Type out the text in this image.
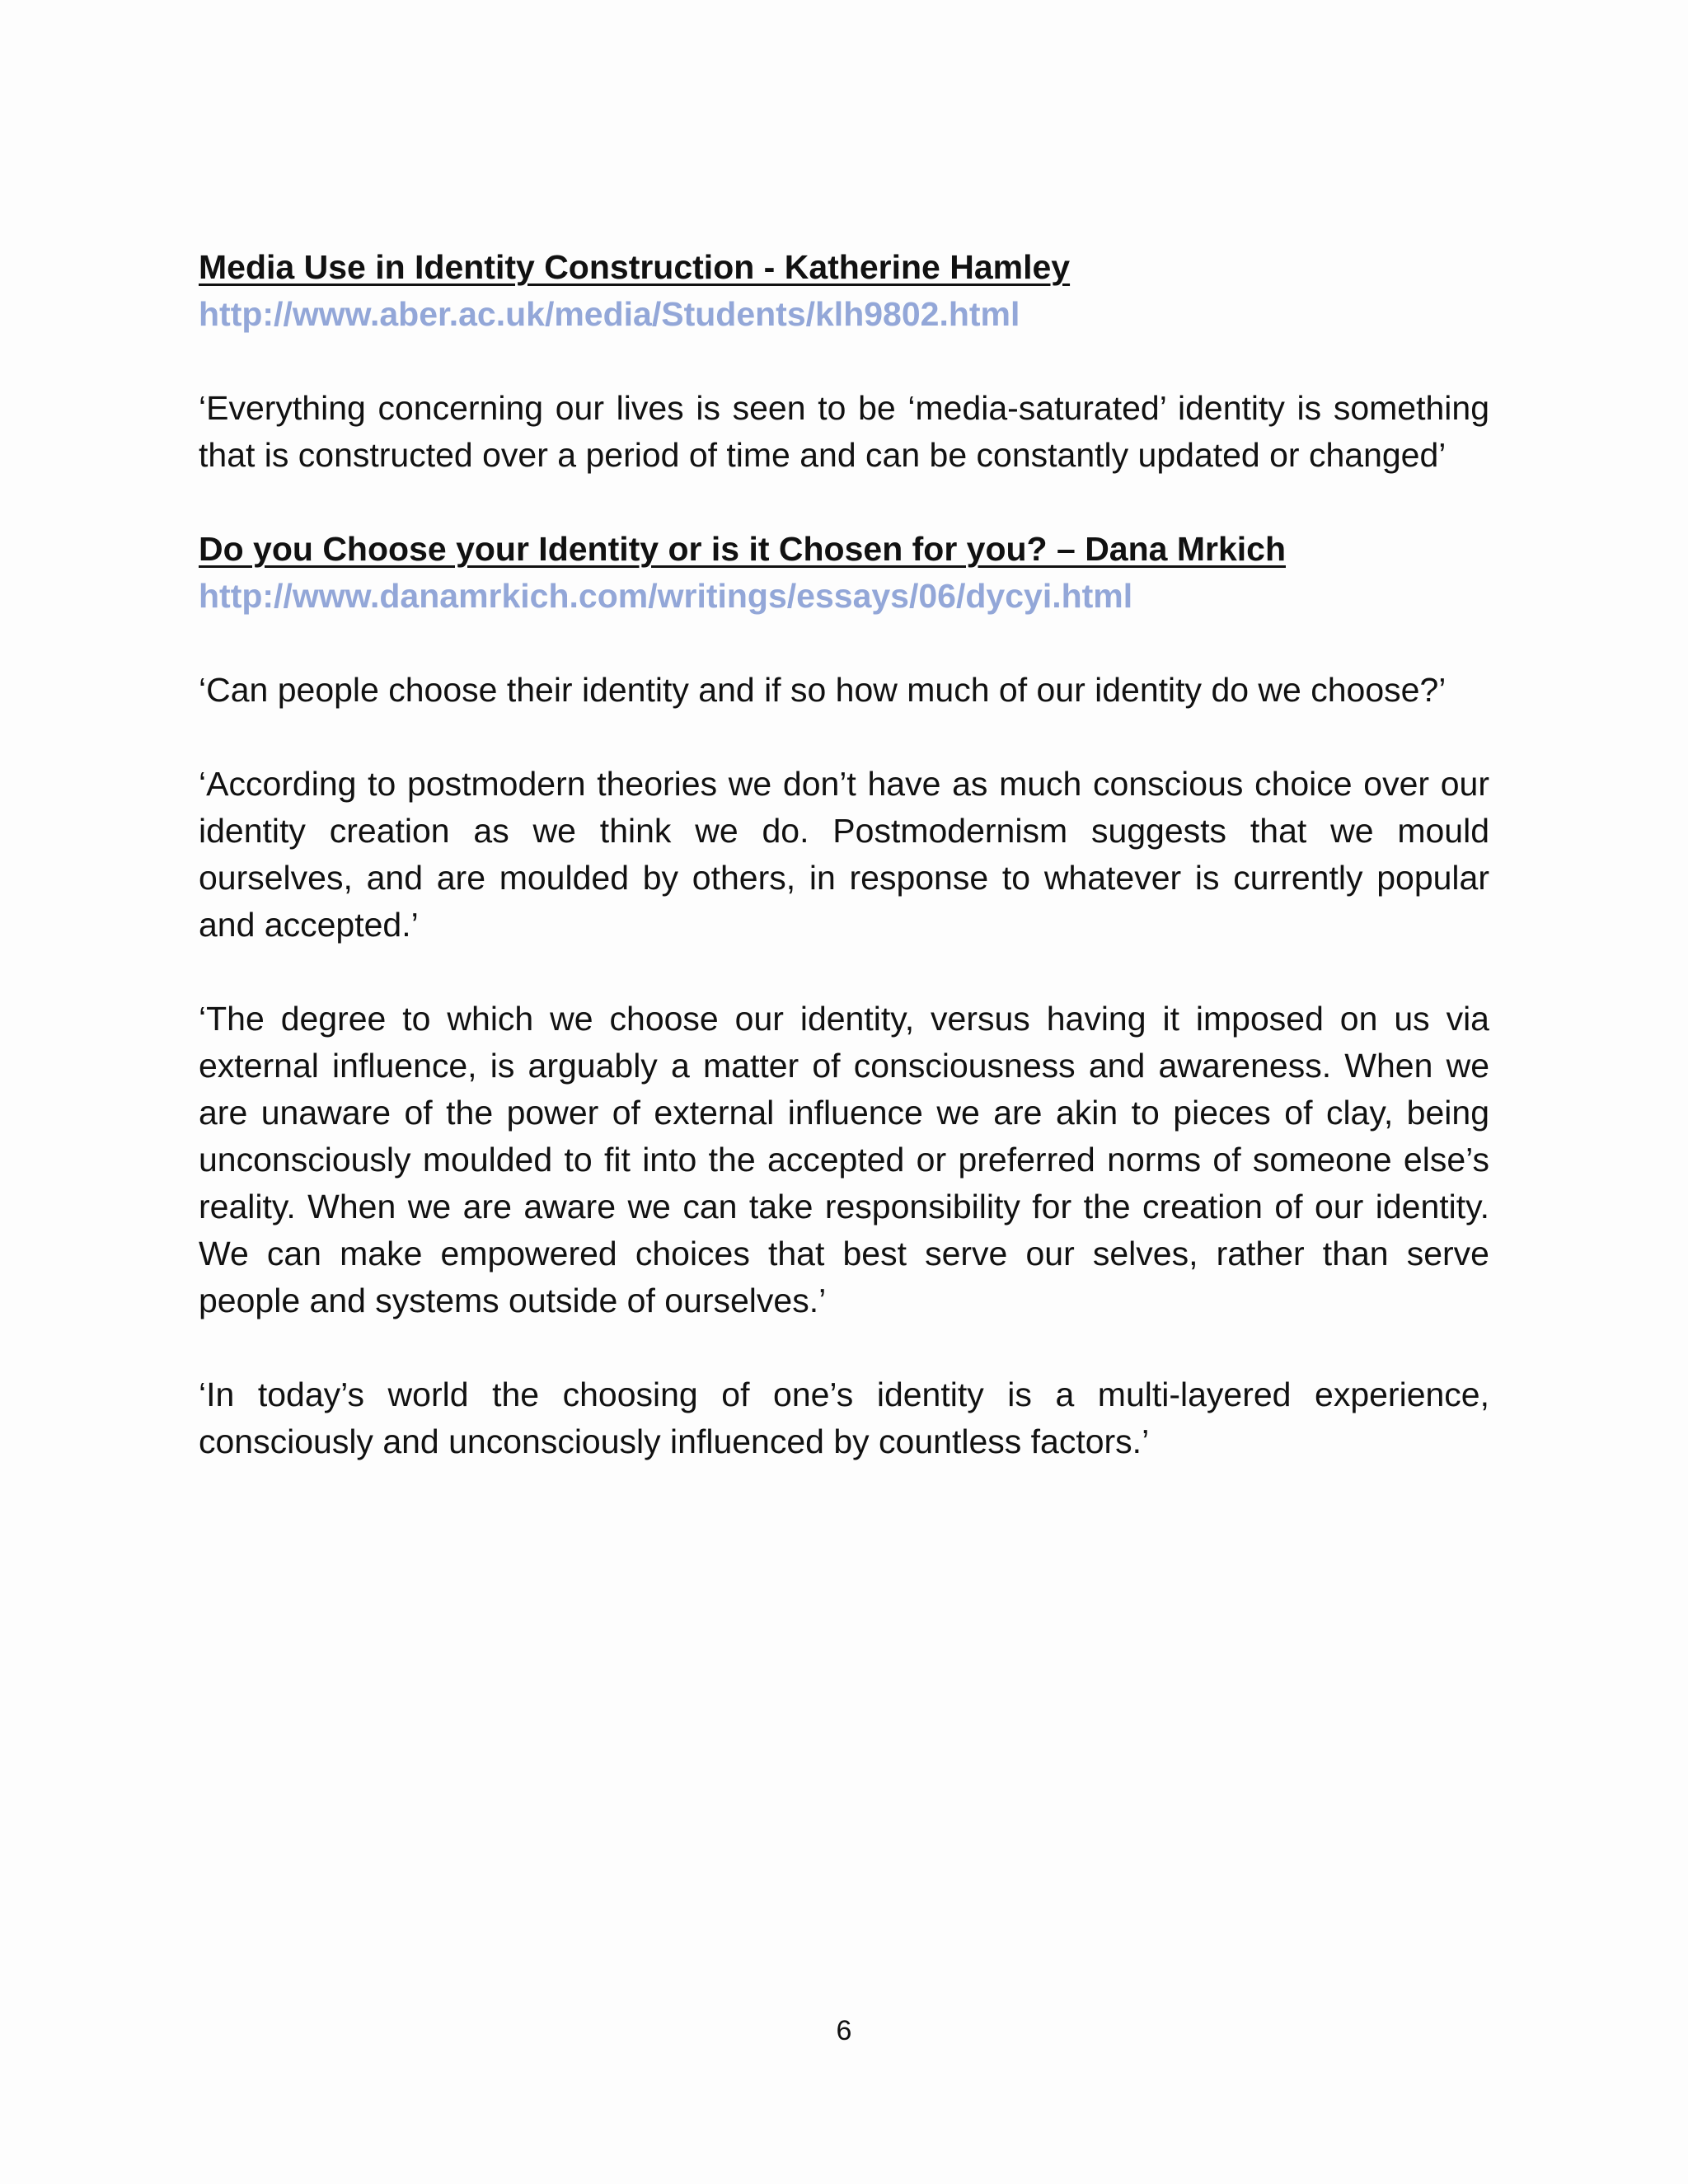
Media Use in Identity Construction - Katherine Hamley
http://www.aber.ac.uk/media/Students/klh9802.html

‘Everything concerning our lives is seen to be ‘media-saturated’ identity is something that is constructed over a period of time and can be constantly updated or changed’

Do you Choose your Identity or is it Chosen for you? – Dana Mrkich
http://www.danamrkich.com/writings/essays/06/dycyi.html

‘Can people choose their identity and if so how much of our identity do we choose?’

‘According to postmodern theories we don’t have as much conscious choice over our identity creation as we think we do. Postmodernism suggests that we mould ourselves, and are moulded by others, in response to whatever is currently popular and accepted.’

‘The degree to which we choose our identity, versus having it imposed on us via external influence, is arguably a matter of consciousness and awareness. When we are unaware of the power of external influence we are akin to pieces of clay, being unconsciously moulded to fit into the accepted or preferred norms of someone else’s reality. When we are aware we can take responsibility for the creation of our identity. We can make empowered choices that best serve our selves, rather than serve people and systems outside of ourselves.’

‘In today’s world the choosing of one’s identity is a multi-layered experience, consciously and unconsciously influenced by countless factors.’

6
